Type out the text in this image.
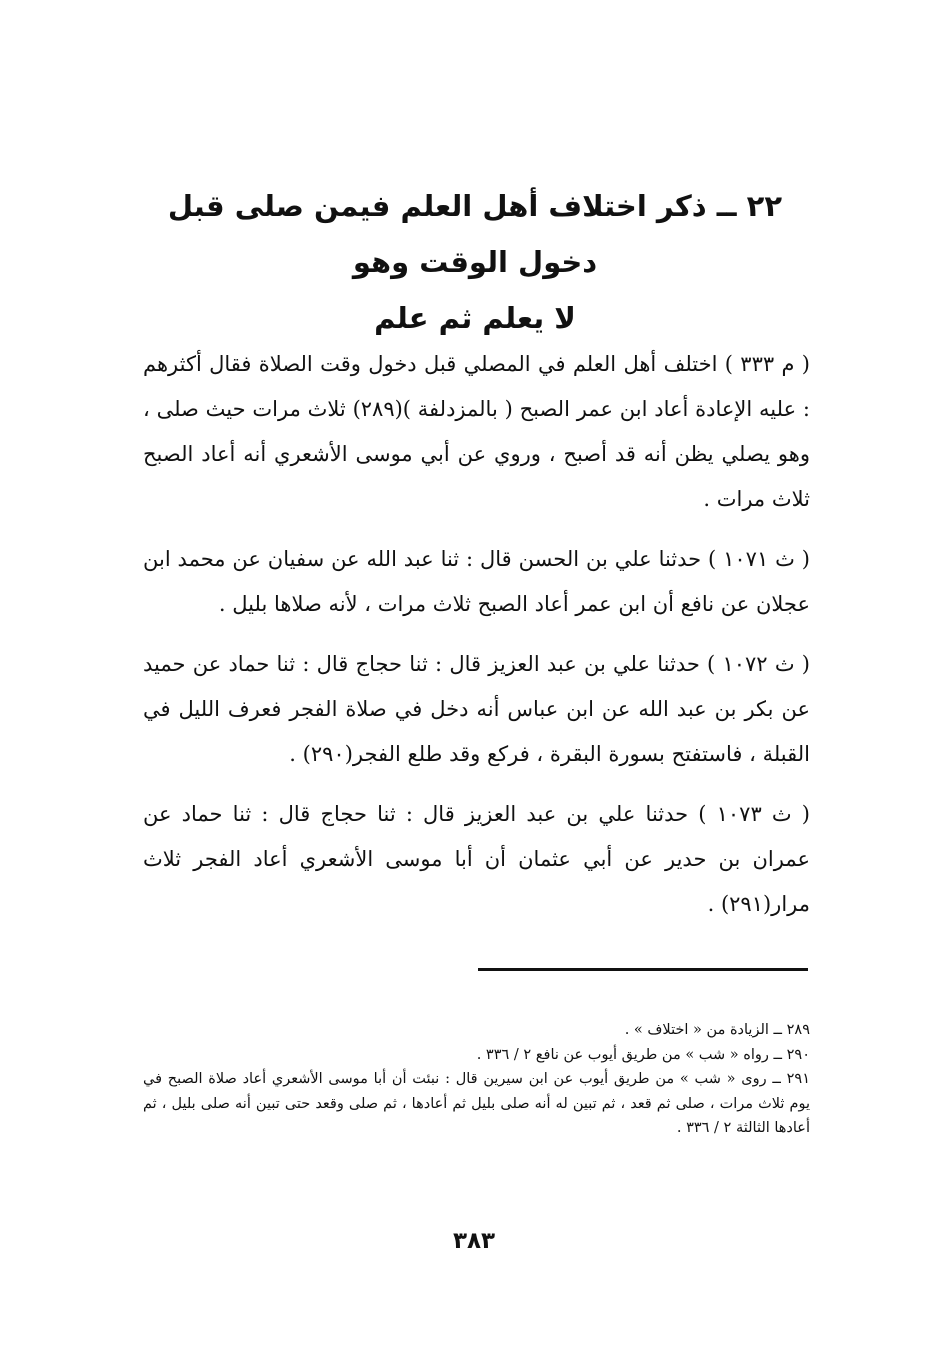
٢٢ ــ ذكر اختلاف أهل العلم فيمن صلى قبل دخول الوقت وهو
لا يعلم ثم علم

( م ٣٣٣ ) اختلف أهل العلم في المصلي قبل دخول وقت الصلاة فقال أكثرهم : عليه الإعادة أعاد ابن عمر الصبح ( بالمزدلفة )(٢٨٩) ثلاث مرات حيث صلى ، وهو يصلي يظن أنه قد أصبح ، وروي عن أبي موسى الأشعري أنه أعاد الصبح ثلاث مرات .

( ث ١٠٧١ ) حدثنا علي بن الحسن قال : ثنا عبد الله عن سفيان عن محمد ابن عجلان عن نافع أن ابن عمر أعاد الصبح ثلاث مرات ، لأنه صلاها بليل .

( ث ١٠٧٢ ) حدثنا علي بن عبد العزيز قال : ثنا حجاج قال : ثنا حماد عن حميد عن بكر بن عبد الله عن ابن عباس أنه دخل في صلاة الفجر فعرف الليل في القبلة ، فاستفتح بسورة البقرة ، فركع وقد طلع الفجر(٢٩٠) .

( ث ١٠٧٣ ) حدثنا علي بن عبد العزيز قال : ثنا حجاج قال : ثنا حماد عن عمران بن حدير عن أبي عثمان أن أبا موسى الأشعري أعاد الفجر ثلاث مرار(٢٩١) .

٢٨٩ ــ الزيادة من « اختلاف » .

٢٩٠ ــ رواه « شب » من طريق أيوب عن نافع ٢ / ٣٣٦ .

٢٩١ ــ روى « شب » من طريق أيوب عن ابن سيرين قال : نبئت أن أبا موسى الأشعري أعاد صلاة الصبح في يوم ثلاث مرات ، صلى ثم قعد ، ثم تبين له أنه صلى بليل ثم أعادها ، ثم صلى وقعد حتى تبين أنه صلى بليل ، ثم أعادها الثالثة ٢ / ٣٣٦ .

٣٨٣
